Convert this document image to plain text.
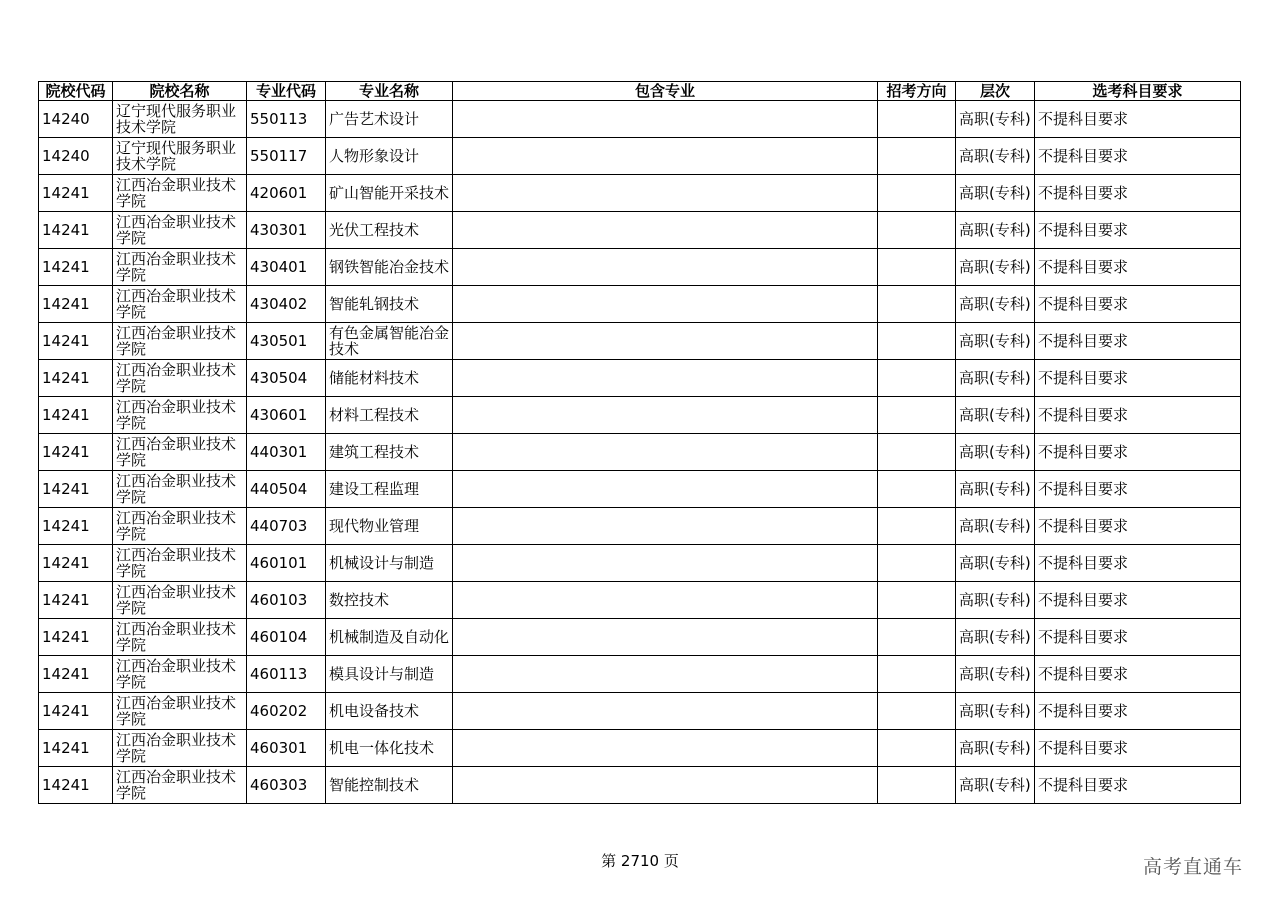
院校代码	院校名称	专业代码	专业名称	包含专业	招考方向	层次	选考科目要求
14240	辽宁现代服务职业技术学院	550113	广告艺术设计			高职(专科)	不提科目要求
14240	辽宁现代服务职业技术学院	550117	人物形象设计			高职(专科)	不提科目要求
14241	江西冶金职业技术学院	420601	矿山智能开采技术			高职(专科)	不提科目要求
14241	江西冶金职业技术学院	430301	光伏工程技术			高职(专科)	不提科目要求
14241	江西冶金职业技术学院	430401	钢铁智能冶金技术			高职(专科)	不提科目要求
14241	江西冶金职业技术学院	430402	智能轧钢技术			高职(专科)	不提科目要求
14241	江西冶金职业技术学院	430501	有色金属智能冶金技术			高职(专科)	不提科目要求
14241	江西冶金职业技术学院	430504	储能材料技术			高职(专科)	不提科目要求
14241	江西冶金职业技术学院	430601	材料工程技术			高职(专科)	不提科目要求
14241	江西冶金职业技术学院	440301	建筑工程技术			高职(专科)	不提科目要求
14241	江西冶金职业技术学院	440504	建设工程监理			高职(专科)	不提科目要求
14241	江西冶金职业技术学院	440703	现代物业管理			高职(专科)	不提科目要求
14241	江西冶金职业技术学院	460101	机械设计与制造			高职(专科)	不提科目要求
14241	江西冶金职业技术学院	460103	数控技术			高职(专科)	不提科目要求
14241	江西冶金职业技术学院	460104	机械制造及自动化			高职(专科)	不提科目要求
14241	江西冶金职业技术学院	460113	模具设计与制造			高职(专科)	不提科目要求
14241	江西冶金职业技术学院	460202	机电设备技术			高职(专科)	不提科目要求
14241	江西冶金职业技术学院	460301	机电一体化技术			高职(专科)	不提科目要求
14241	江西冶金职业技术学院	460303	智能控制技术			高职(专科)	不提科目要求
第 2710 页	高考直通车
